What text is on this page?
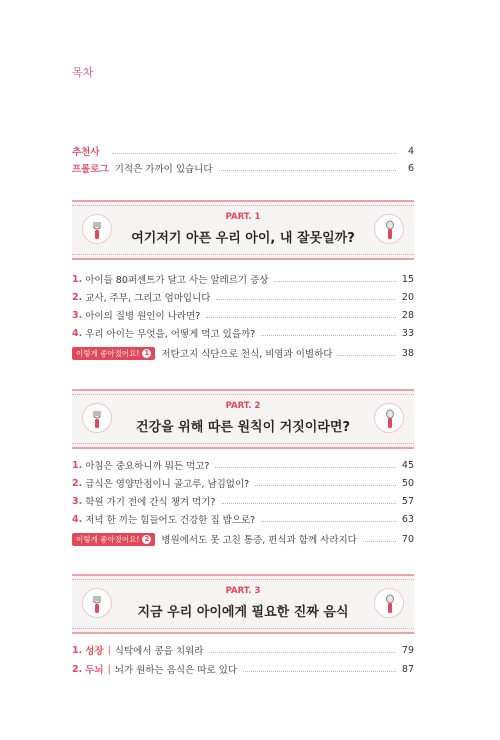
목차
추천사	4
프롤로그 기적은 가까이 있습니다	6
PART. 1
여기저기 아픈 우리 아이, 내 잘못일까?
1. 아이들 80퍼센트가 달고 사는 알레르기 증상	15
2. 교사, 주부, 그리고 엄마입니다	20
3. 아이의 질병 원인이 나라면?	28
4. 우리 아이는 무엇을, 어떻게 먹고 있을까?	33
이렇게 좋아졌어요! 1 저탄고지 식단으로 천식, 비염과 이별하다	38
PART. 2
건강을 위해 따른 원칙이 거짓이라면?
1. 아침은 중요하니까 뭐든 먹고?	45
2. 급식은 영양만점이니 골고루, 남김없이?	50
3. 학원 가기 전에 간식 챙겨 먹기?	57
4. 저녁 한 끼는 힘들어도 건강한 집 밥으로?	63
이렇게 좋아졌어요! 2 병원에서도 못 고친 통증, 편식과 함께 사라지다	70
PART. 3
지금 우리 아이에게 필요한 진짜 음식
1. 성장 | 식탁에서 콩을 치워라	79
2. 두뇌 | 뇌가 원하는 음식은 따로 있다	87
